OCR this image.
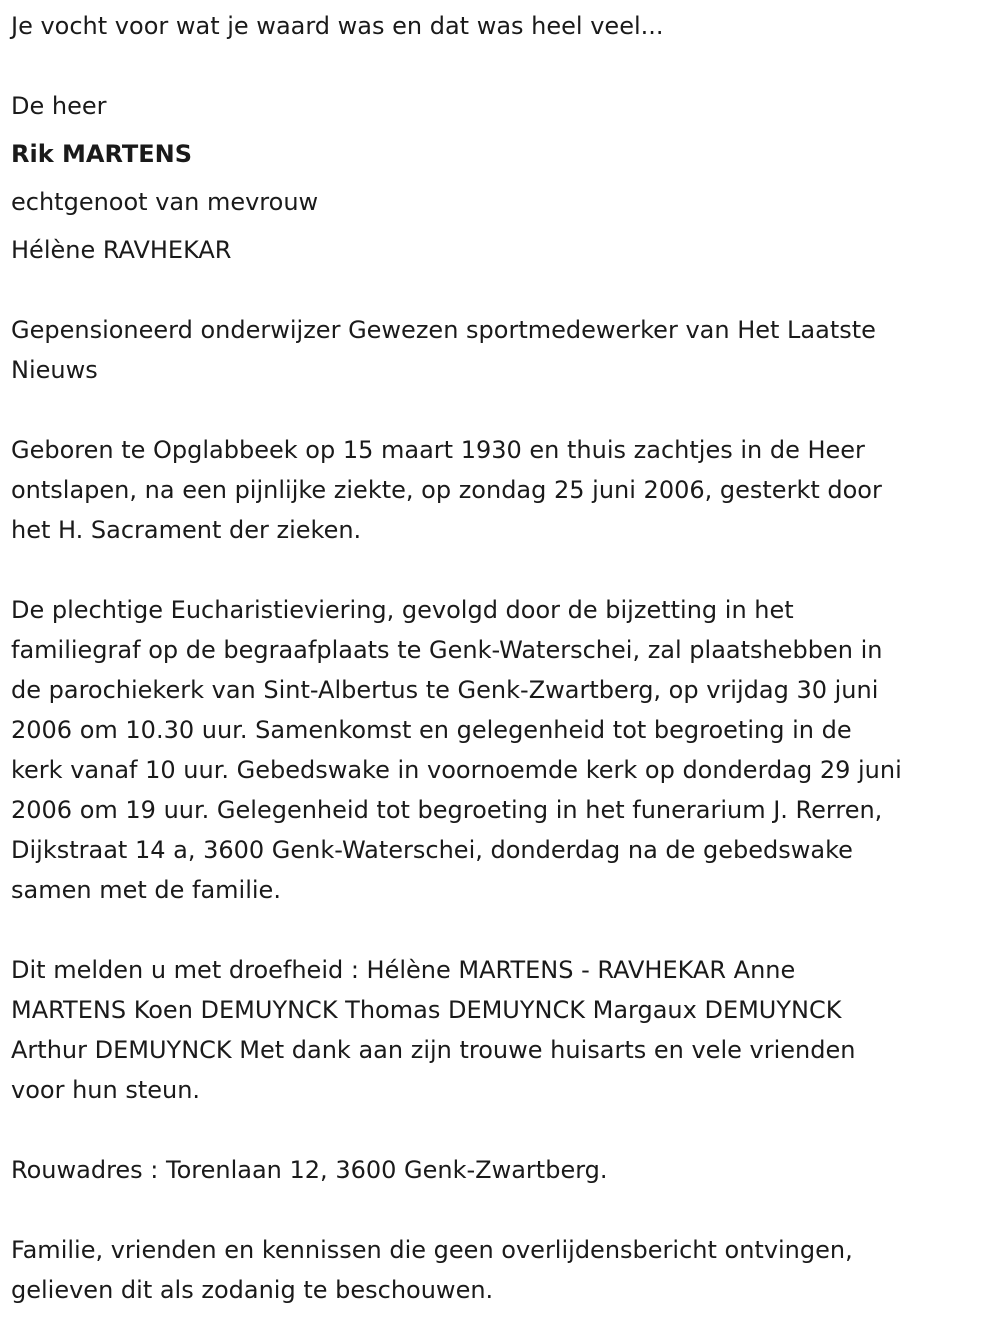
Je vocht voor wat je waard was en dat was heel veel...
De heer
Rik MARTENS
echtgenoot van mevrouw
Hélène RAVHEKAR
Gepensioneerd onderwijzer Gewezen sportmedewerker van Het Laatste
Nieuws
Geboren te Opglabbeek op 15 maart 1930 en thuis zachtjes in de Heer
ontslapen, na een pijnlijke ziekte, op zondag 25 juni 2006, gesterkt door
het H. Sacrament der zieken.
De plechtige Eucharistieviering, gevolgd door de bijzetting in het
familiegraf op de begraafplaats te Genk-Waterschei, zal plaatshebben in
de parochiekerk van Sint-Albertus te Genk-Zwartberg, op vrijdag 30 juni
2006 om 10.30 uur. Samenkomst en gelegenheid tot begroeting in de
kerk vanaf 10 uur. Gebedswake in voornoemde kerk op donderdag 29 juni
2006 om 19 uur. Gelegenheid tot begroeting in het funerarium J. Rerren,
Dijkstraat 14 a, 3600 Genk-Waterschei, donderdag na de gebedswake
samen met de familie.
Dit melden u met droefheid : Hélène MARTENS - RAVHEKAR Anne
MARTENS Koen DEMUYNCK Thomas DEMUYNCK Margaux DEMUYNCK
Arthur DEMUYNCK Met dank aan zijn trouwe huisarts en vele vrienden
voor hun steun.
Rouwadres : Torenlaan 12, 3600 Genk-Zwartberg.
Familie, vrienden en kennissen die geen overlijdensbericht ontvingen,
gelieven dit als zodanig te beschouwen.
